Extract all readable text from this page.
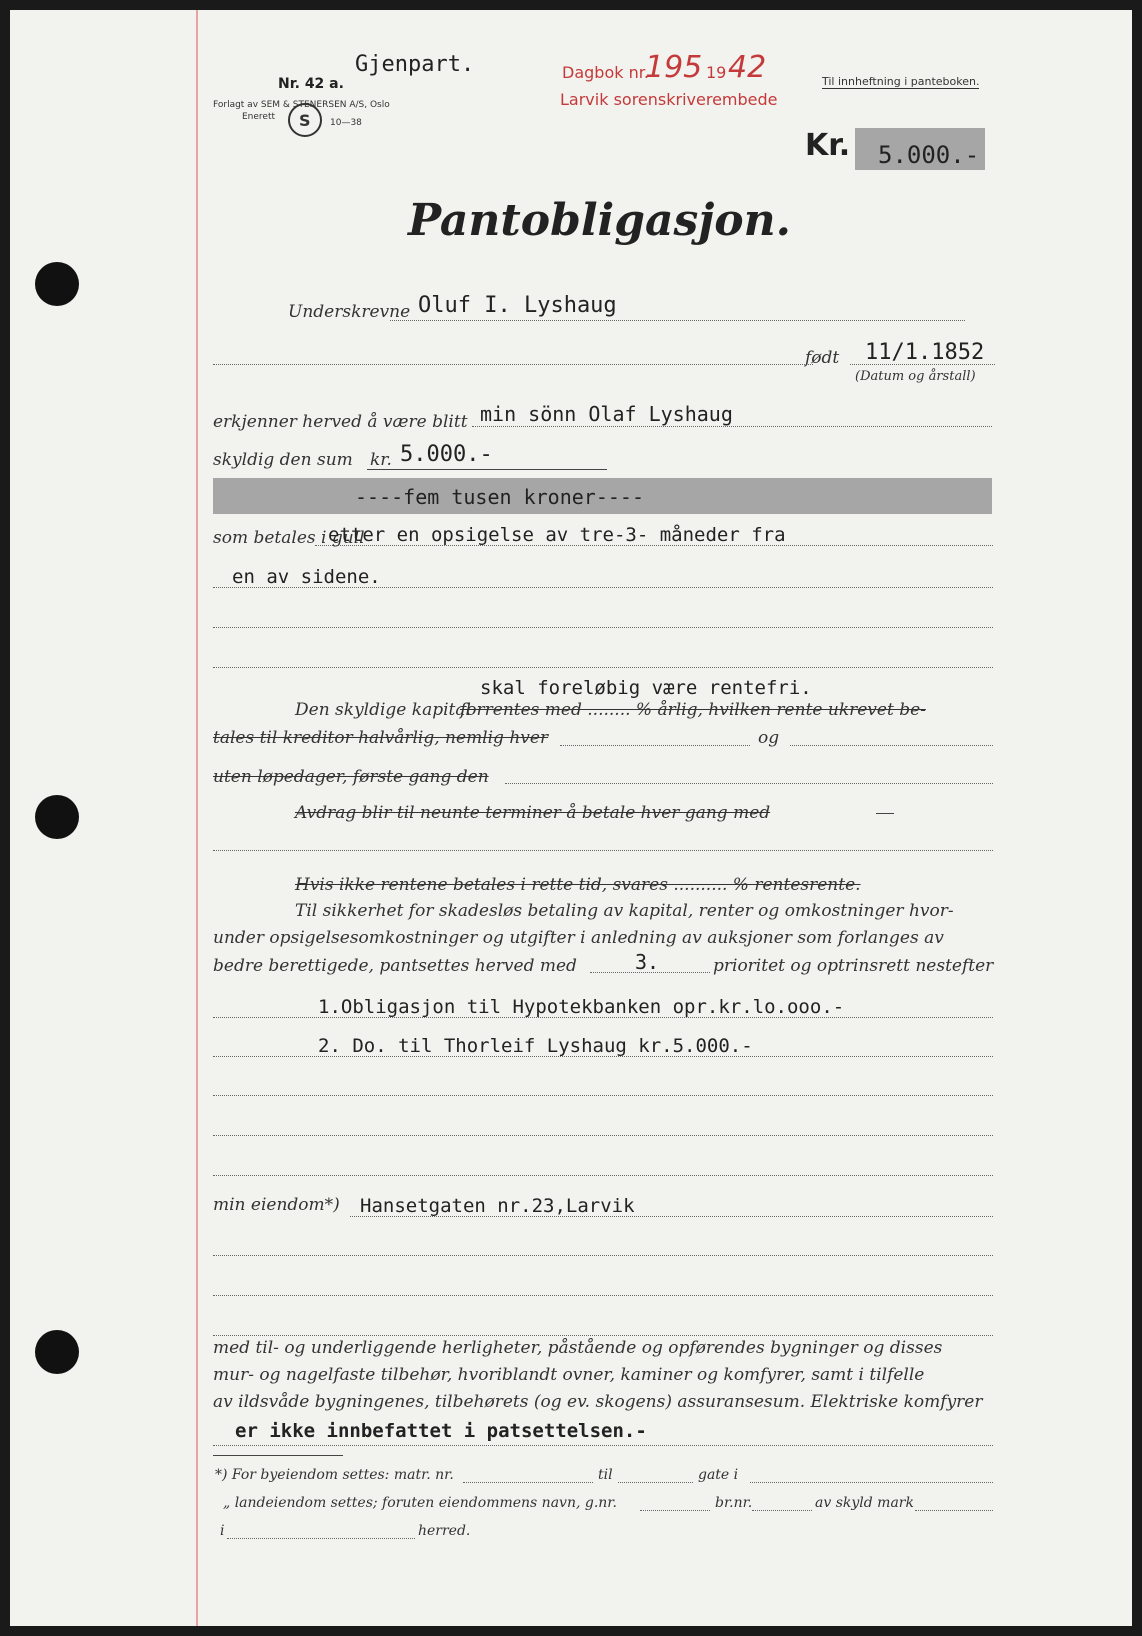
Gjenpart.
Nr. 42 a.
Forlagt av SEM & STENERSEN ​A/S, Oslo
Enerett
10—38
S
Dagbok nr.
195 19 42
Larvik sorenskriverembede
Til innheftning i panteboken.
Kr. 5.000.-
Pantobligasjon.
Underskrevne Oluf I. Lyshaug
født 11/1.1852
(Datum og årstall)
erkjenner herved å være blitt min sönn Olaf Lyshaug
skyldig den sum kr. 5.000.-
----fem tusen kroner----
som betales i gull
etter en opsigelse av tre-3- måneder fra
en av sidene.
skal foreløbig være rentefri.
Den skyldige kapital
forrentes med ........ % årlig, hvilken rente ukrevet be-
tales til kreditor halvårlig, nemlig hver	og
uten løpedager, første gang den
Avdrag blir til neunte terminer å betale hver gang med
Hvis ikke rentene betales i rette tid, svares .......... % rentesrente.
Til sikkerhet for skadesløs betaling av kapital, renter og omkostninger hvor-
under opsigelsesomkostninger og utgifter i anledning av auksjoner som forlanges av
bedre berettigede, pantsettes herved med	3.	prioritet og optrinsrett nestefter
1.Obligasjon til Hypotekbanken opr.kr.lo.ooo.-
2. Do. til Thorleif Lyshaug kr.5.000.-
min eiendom*) Hansetgaten nr.23,Larvik
med til- og underliggende herligheter, påstående og opførendes bygninger og disses
mur- og nagelfaste tilbehør, hvoriblandt ovner, kaminer og komfyrer, samt i tilfelle
av ildsvåde bygningenes, tilbehørets (og ev. skogens) assuransesum. Elektriske komfyrer
er ikke innbefattet i patsettelsen.-
*) For byeiendom settes: matr. nr.	til	gate i
„ landeiendom settes; foruten eiendommens navn, g.nr.	br.nr.	av skyld mark
i	herred.
